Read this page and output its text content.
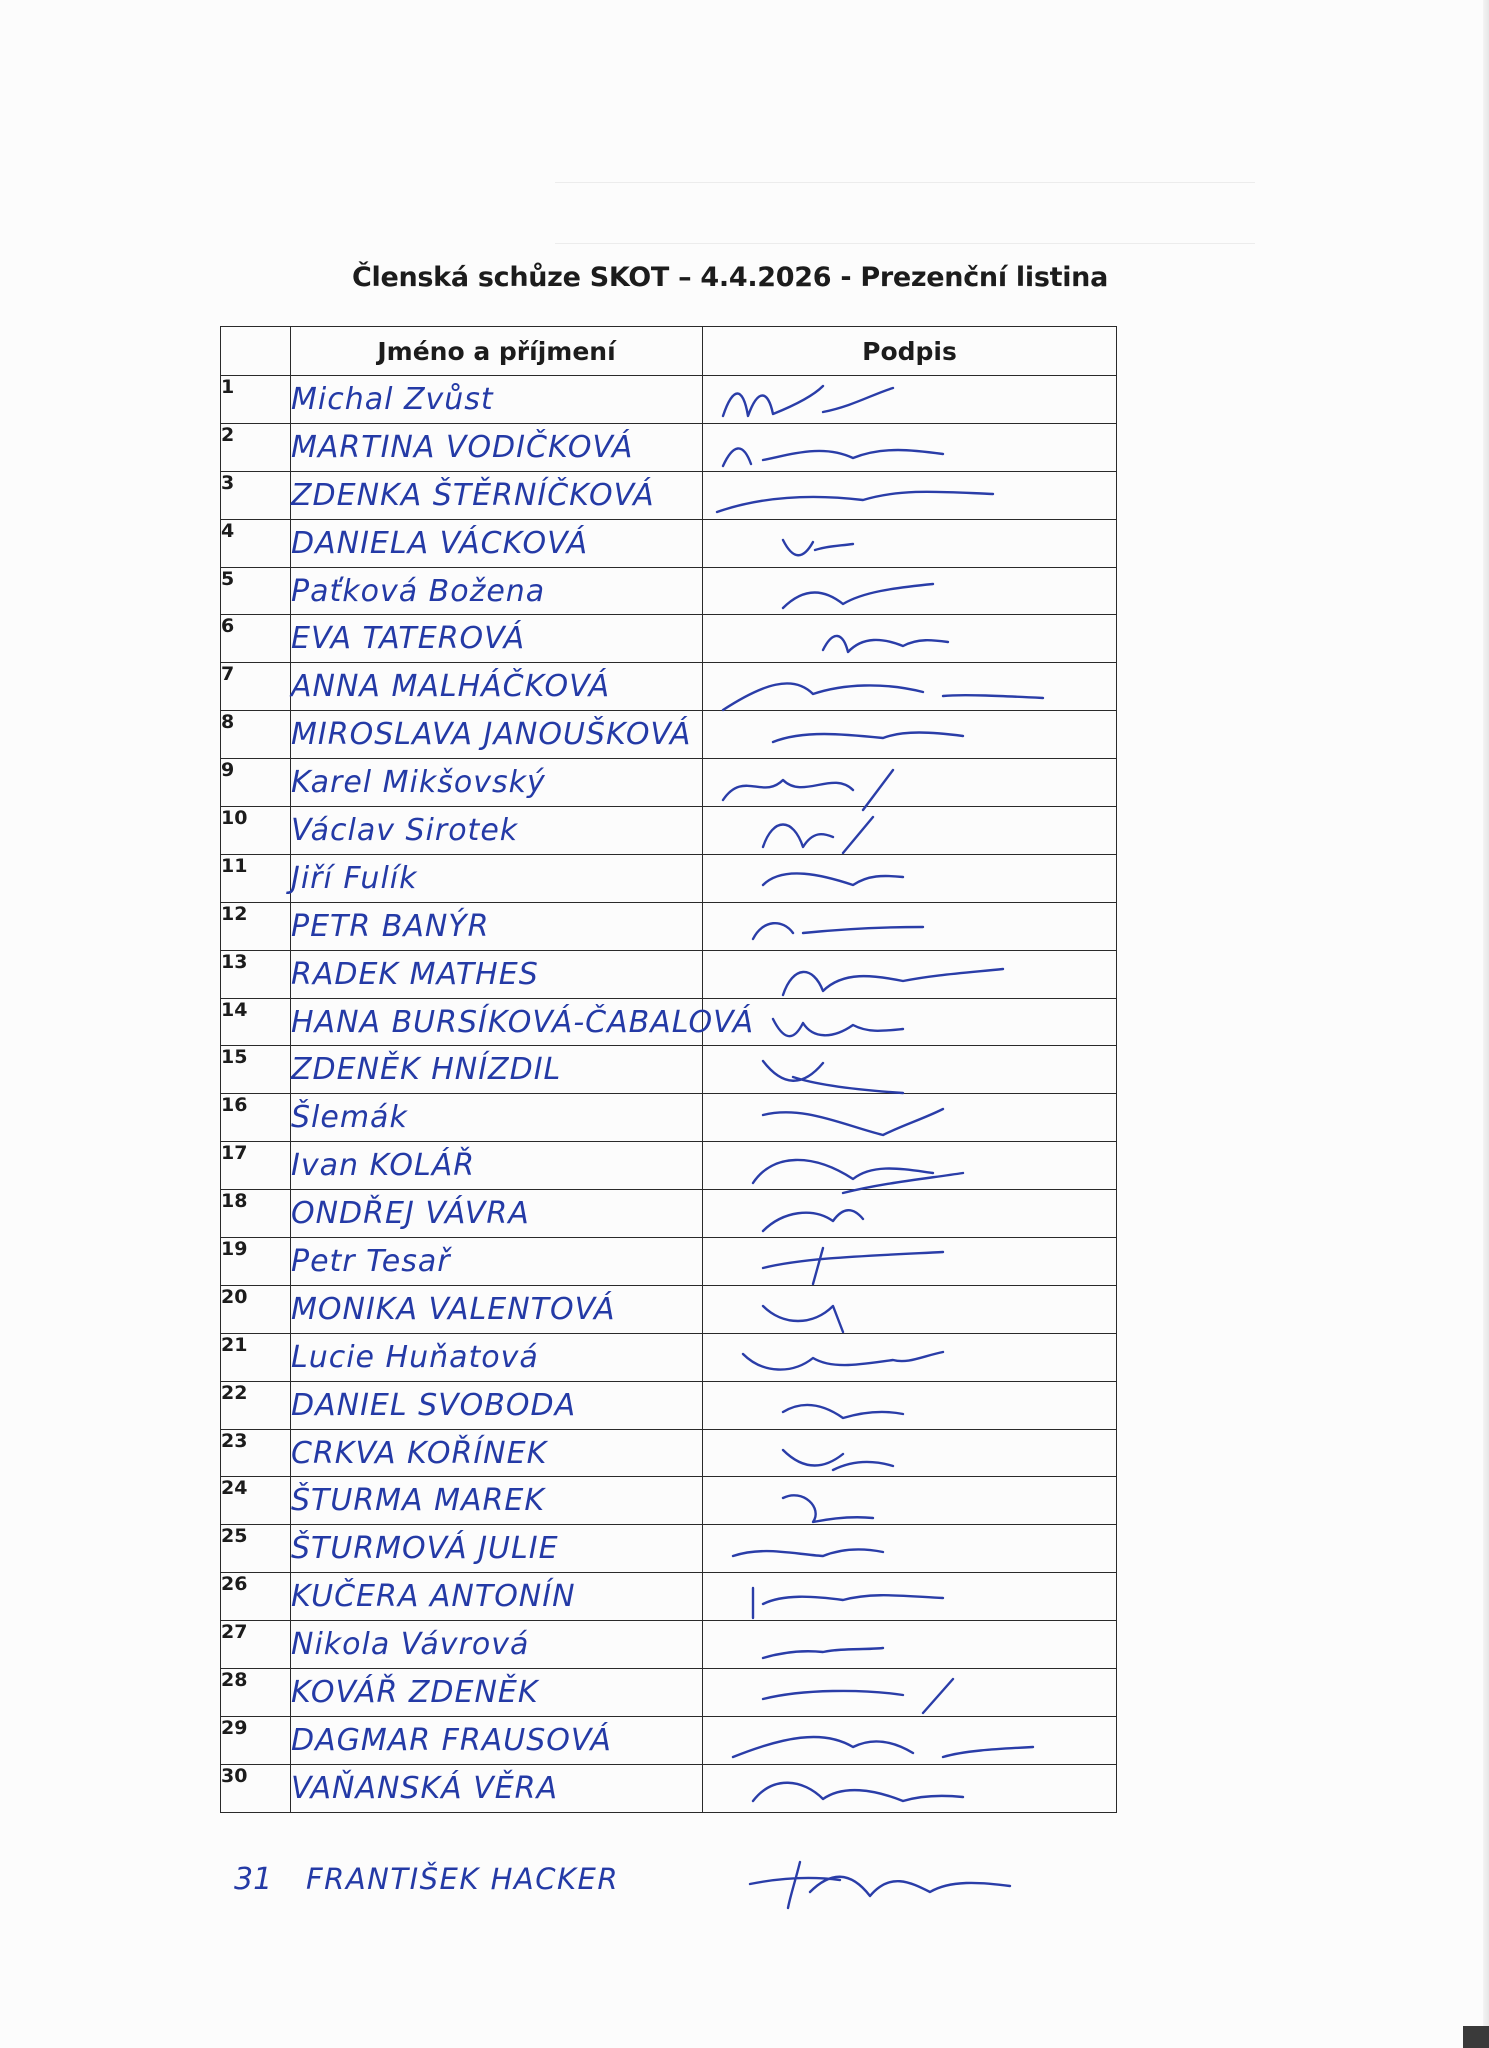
Členská schůze SKOT – 4.4.2026 - Prezenční listina
	Jméno a příjmení	Podpis
1	Michal Zvůst	

2	MARTINA VODIČKOVÁ	

3	ZDENKA ŠTĚRNÍČKOVÁ	

4	DANIELA VÁCKOVÁ	

5	Paťková Božena	

6	EVA TATEROVÁ	

7	ANNA MALHÁČKOVÁ	

8	MIROSLAVA JANOUŠKOVÁ	

9	Karel Mikšovský	

10	Václav Sirotek	

11	Jiří Fulík	

12	PETR BANÝR	

13	RADEK MATHES	

14	HANA BURSÍKOVÁ-ČABALOVÁ	

15	ZDENĚK HNÍZDIL	

16	Šlemák	

17	Ivan KOLÁŘ	

18	ONDŘEJ VÁVRA	

19	Petr Tesař	

20	MONIKA VALENTOVÁ	

21	Lucie Huňatová	

22	DANIEL SVOBODA	

23	CRKVA KOŘÍNEK	

24	ŠTURMA MAREK	

25	ŠTURMOVÁ JULIE	

26	KUČERA ANTONÍN	

27	Nikola Vávrová	

28	KOVÁŘ ZDENĚK	

29	DAGMAR FRAUSOVÁ	

30	VAŇANSKÁ VĚRA	
31 FRANTIŠEK HACKER
